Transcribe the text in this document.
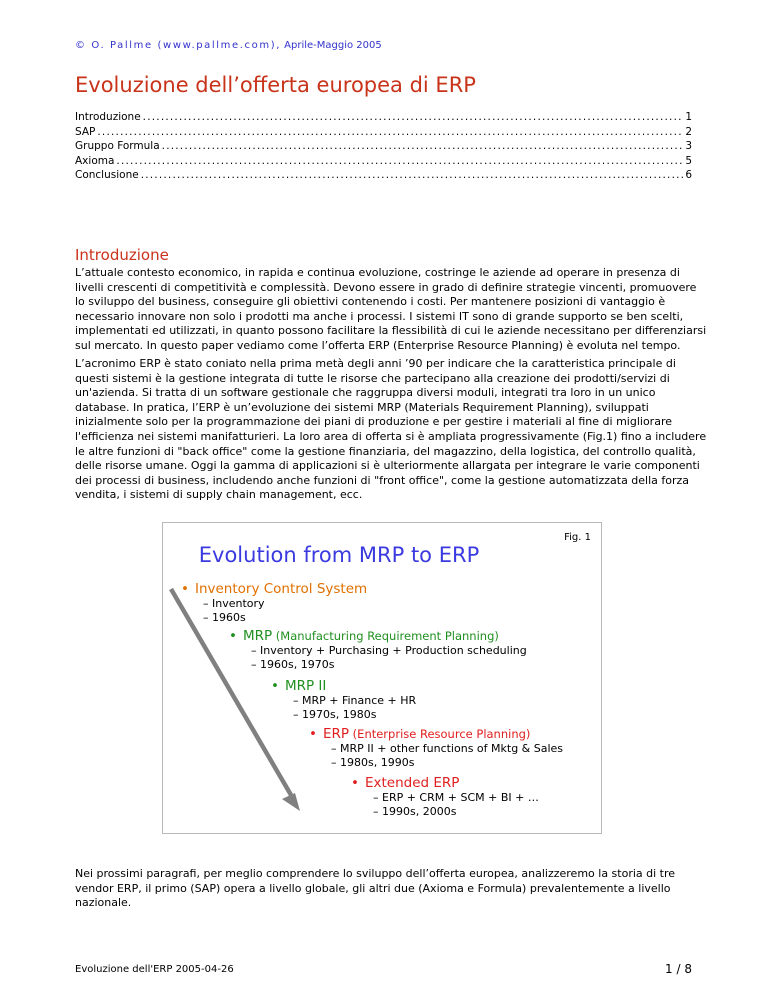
© O. Pallme (www.pallme.com), Aprile-Maggio 2005
Evoluzione dell’offerta europea di ERP
Introduzione .....	1
SAP .....	2
Gruppo Formula .....	3
Axioma .....	5
Conclusione .....	6
Introduzione

L’attuale contesto economico, in rapida e continua evoluzione, costringe le aziende ad operare in presenza di livelli crescenti di competitività e complessità. Devono essere in grado di definire strategie vincenti, promuovere lo sviluppo del business, conseguire gli obiettivi contenendo i costi. Per mantenere posizioni di vantaggio è necessario innovare non solo i prodotti ma anche i processi. I sistemi IT sono di grande supporto se ben scelti, implementati ed utilizzati, in quanto possono facilitare la flessibilità di cui le aziende necessitano per differenziarsi sul mercato. In questo paper vediamo come l’offerta ERP (Enterprise Resource Planning) è evoluta nel tempo.

L’acronimo ERP è stato coniato nella prima metà degli anni ’90 per indicare che la caratteristica principale di questi sistemi è la gestione integrata di tutte le risorse che partecipano alla creazione dei prodotti/servizi di un'azienda. Si tratta di un software gestionale che raggruppa diversi moduli, integrati tra loro in un unico database. In pratica, l’ERP è un’evoluzione dei sistemi MRP (Materials Requirement Planning), sviluppati inizialmente solo per la programmazione dei piani di produzione e per gestire i materiali al fine di migliorare l'efficienza nei sistemi manifatturieri. La loro area di offerta si è ampliata progressivamente (Fig.1) fino a includere le altre funzioni di "back office" come la gestione finanziaria, del magazzino, della logistica, del controllo qualità, delle risorse umane. Oggi la gamma di applicazioni si è ulteriormente allargata per integrare le varie componenti dei processi di business, includendo anche funzioni di "front office", come la gestione automatizzata della forza vendita, i sistemi di supply chain management, ecc.

Fig. 1
Evolution from MRP to ERP
• Inventory Control System
– Inventory
– 1960s
• MRP (Manufacturing Requirement Planning)
– Inventory + Purchasing + Production scheduling
– 1960s, 1970s
• MRP II
– MRP + Finance + HR
– 1970s, 1980s
• ERP (Enterprise Resource Planning)
– MRP II + other functions of Mktg & Sales
– 1980s, 1990s
• Extended ERP
– ERP + CRM + SCM + BI + …
– 1990s, 2000s

Nei prossimi paragrafi, per meglio comprendere lo sviluppo dell’offerta europea, analizzeremo la storia di tre vendor ERP, il primo (SAP) opera a livello globale, gli altri due (Axioma e Formula) prevalentemente a livello nazionale.

Evoluzione dell'ERP 2005-04-26	1 / 8
